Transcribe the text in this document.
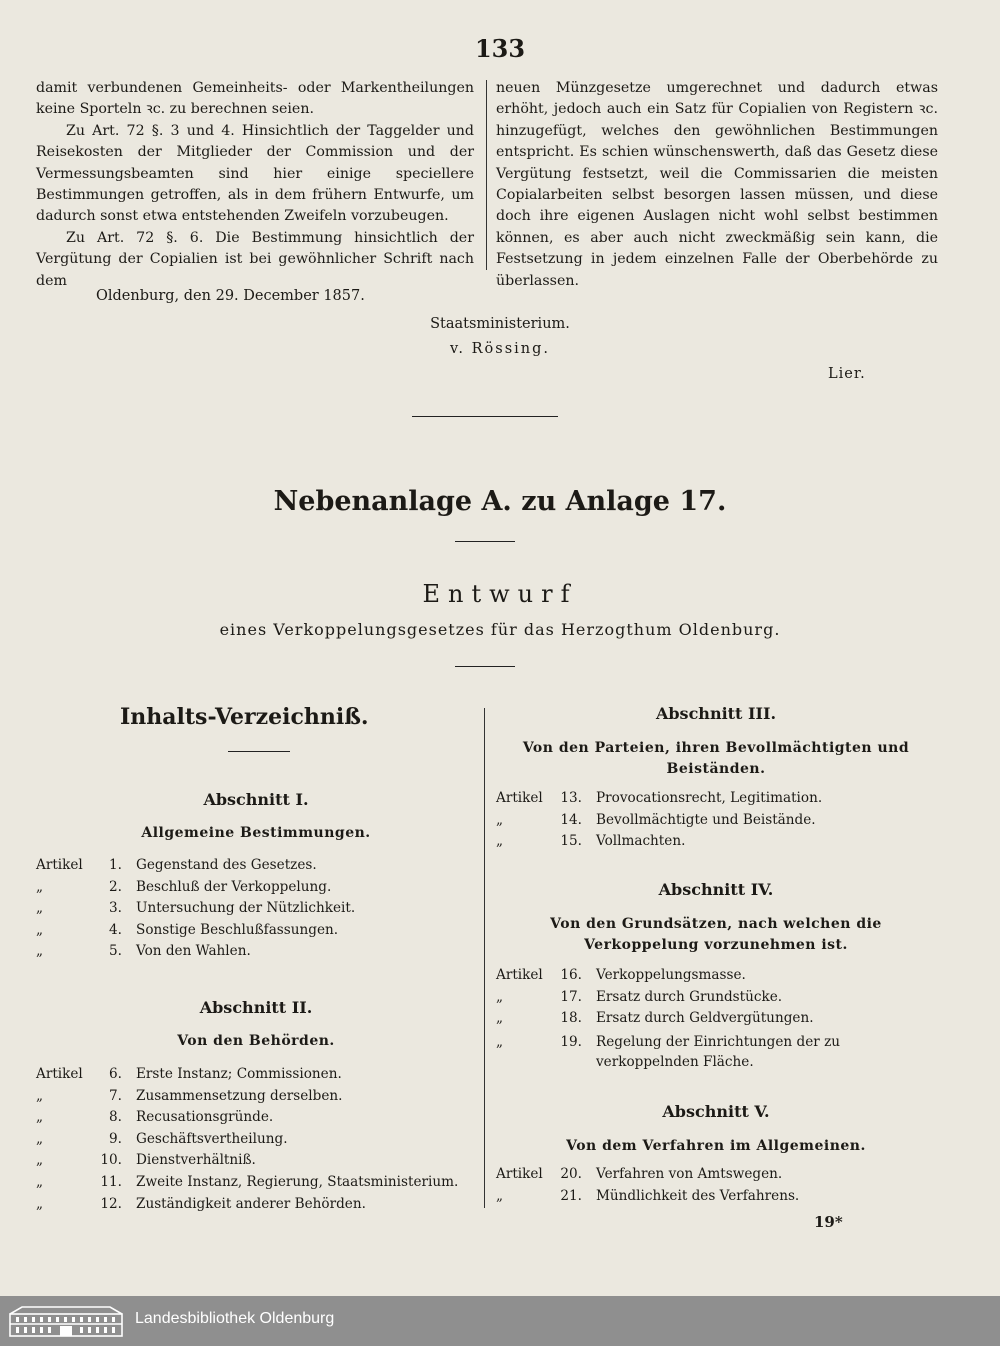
133

damit verbundenen Gemeinheits- oder Markentheilungen keine Sporteln ꝛc. zu berechnen seien.

Zu Art. 72 §. 3 und 4. Hinsichtlich der Taggelder und Reisekosten der Mitglieder der Commission und der Vermessungsbeamten sind hier einige speciellere Bestimmungen getroffen, als in dem frühern Entwurfe, um dadurch sonst etwa entstehenden Zweifeln vorzubeugen.

Zu Art. 72 §. 6. Die Bestimmung hinsichtlich der Vergütung der Copialien ist bei gewöhnlicher Schrift nach dem

neuen Münzgesetze umgerechnet und dadurch etwas erhöht, jedoch auch ein Satz für Copialien von Registern ꝛc. hinzugefügt, welches den gewöhnlichen Bestimmungen entspricht. Es schien wünschenswerth, daß das Gesetz diese Vergütung festsetzt, weil die Commissarien die meisten Copialarbeiten selbst besorgen lassen müssen, und diese doch ihre eigenen Auslagen nicht wohl selbst bestimmen können, es aber auch nicht zweckmäßig sein kann, die Festsetzung in jedem einzelnen Falle der Oberbehörde zu überlassen.

Oldenburg, den 29. December 1857.
Staatsministerium.
v. Rössing.
Lier.
Nebenanlage A. zu Anlage 17.
Entwurf
eines Verkoppelungsgesetzes für das Herzogthum Oldenburg.
Inhalts-Verzeichniß.
Abschnitt I.
Allgemeine Bestimmungen.
Artikel	1.	Gegenstand des Gesetzes.
„	2.	Beschluß der Verkoppelung.
„	3.	Untersuchung der Nützlichkeit.
„	4.	Sonstige Beschlußfassungen.
„	5.	Von den Wahlen.
Abschnitt II.
Von den Behörden.
Artikel	6.	Erste Instanz; Commissionen.
„	7.	Zusammensetzung derselben.
„	8.	Recusationsgründe.
„	9.	Geschäftsvertheilung.
„	10.	Dienstverhältniß.
„	11.	Zweite Instanz, Regierung, Staatsministerium.
„	12.	Zuständigkeit anderer Behörden.
Abschnitt III.
Von den Parteien, ihren Bevollmächtigten und Beiständen.
Artikel	13.	Provocationsrecht, Legitimation.
„	14.	Bevollmächtigte und Beistände.
„	15.	Vollmachten.
Abschnitt IV.
Von den Grundsätzen, nach welchen die Verkoppelung vorzunehmen ist.
Artikel	16.	Verkoppelungsmasse.
„	17.	Ersatz durch Grundstücke.
„	18.	Ersatz durch Geldvergütungen.
„	19.	Regelung der Einrichtungen der zu verkoppelnden Fläche.
Abschnitt V.
Von dem Verfahren im Allgemeinen.
Artikel	20.	Verfahren von Amtswegen.
„	21.	Mündlichkeit des Verfahrens.
19*
Landesbibliothek Oldenburg
